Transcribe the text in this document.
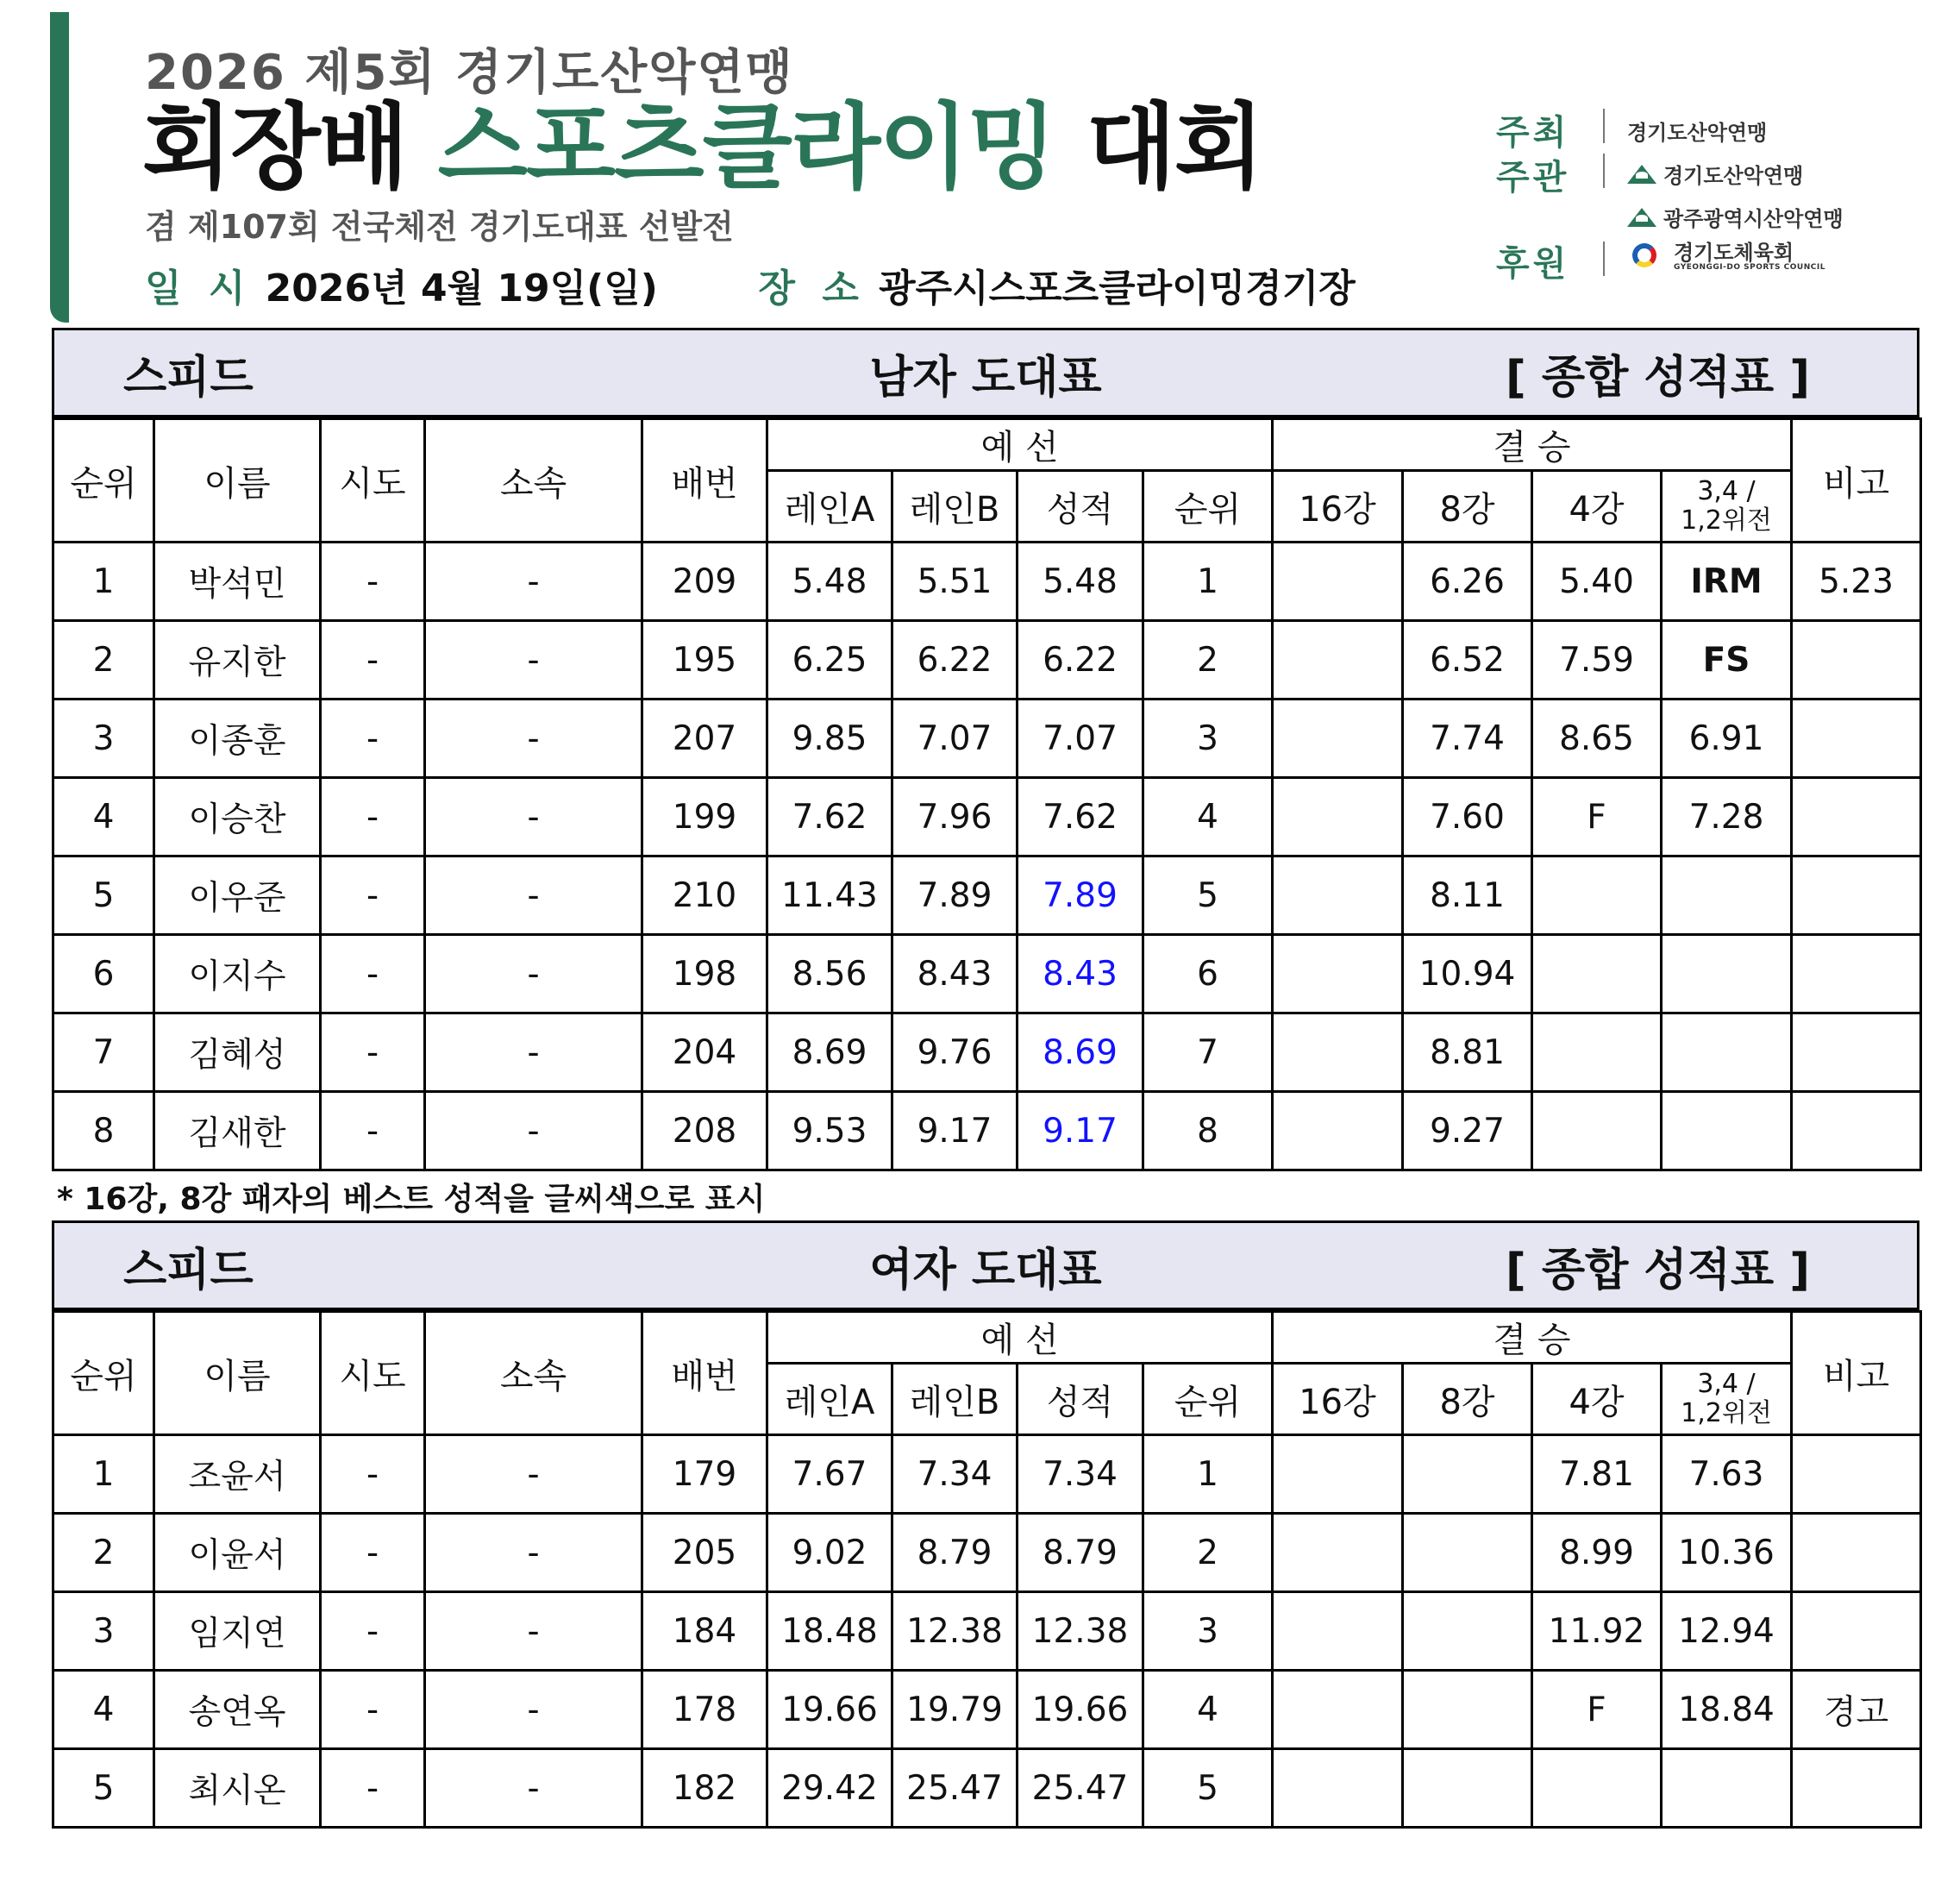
2026 제5회 경기도산악연맹
회장배 스포츠클라이밍 대회
겸 제107회 전국체전 경기도대표 선발전
일 시 2026년 4월 19일(일)	장 소 광주시스포츠클라이밍경기장
주최	경기도산악연맹
주관	경기도산악연맹
광주광역시산악연맹
후원	경기도체육회
GYEONGGI-DO SPORTS COUNCIL
스피드	남자 도대표	[ 종합 성적표 ]
순위	이름	시도	소속	배번	예 선				결 승				비고
					레인A	레인B	성적	순위	16강	8강	4강	3,4 /
1,2위전	
1	박석민	-	-	209	5.48	5.51	5.48	1		6.26	5.40	IRM	5.23
2	유지한	-	-	195	6.25	6.22	6.22	2		6.52	7.59	FS	
3	이종훈	-	-	207	9.85	7.07	7.07	3		7.74	8.65	6.91	
4	이승찬	-	-	199	7.62	7.96	7.62	4		7.60	F	7.28	
5	이우준	-	-	210	11.43	7.89	7.89	5		8.11			
6	이지수	-	-	198	8.56	8.43	8.43	6		10.94			
7	김혜성	-	-	204	8.69	9.76	8.69	7		8.81			
8	김새한	-	-	208	9.53	9.17	9.17	8		9.27			
* 16강, 8강 패자의 베스트 성적을 글씨색으로 표시
스피드	여자 도대표	[ 종합 성적표 ]
순위	이름	시도	소속	배번	예 선				결 승				비고
					레인A	레인B	성적	순위	16강	8강	4강	3,4 /
1,2위전	
1	조윤서	-	-	179	7.67	7.34	7.34	1			7.81	7.63	
2	이윤서	-	-	205	9.02	8.79	8.79	2			8.99	10.36	
3	임지연	-	-	184	18.48	12.38	12.38	3			11.92	12.94	
4	송연옥	-	-	178	19.66	19.79	19.66	4			F	18.84	경고
5	최시온	-	-	182	29.42	25.47	25.47	5					
